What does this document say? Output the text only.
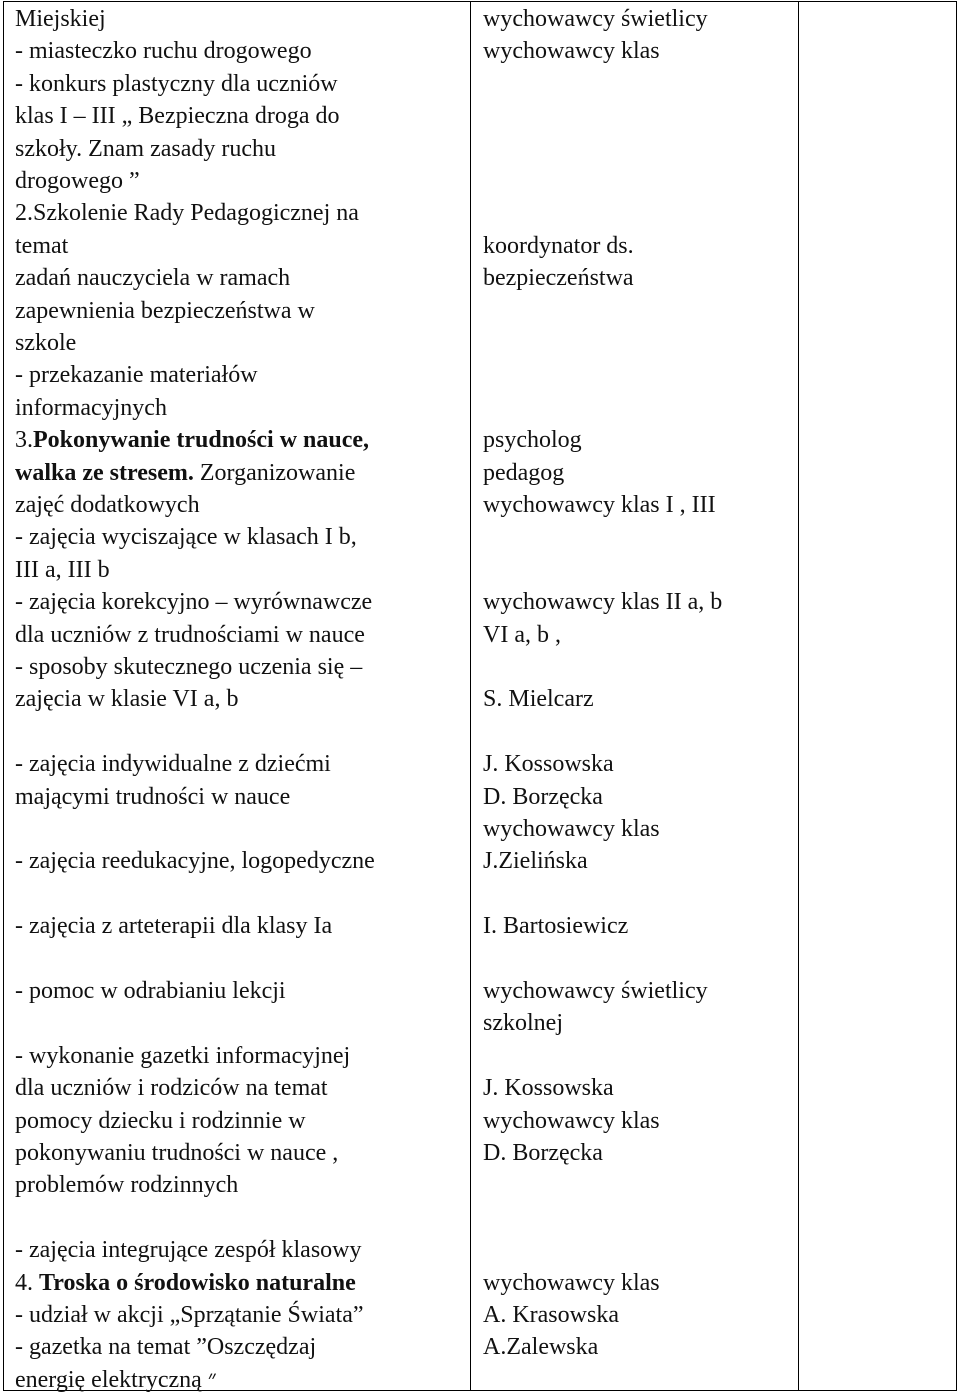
Miejskiej
- miasteczko ruchu drogowego
- konkurs plastyczny dla uczniów
klas I – III „ Bezpieczna droga do
szkoły. Znam zasady ruchu
drogowego ”
2.Szkolenie Rady Pedagogicznej na
temat
zadań nauczyciela w ramach
zapewnienia bezpieczeństwa w
szkole
- przekazanie materiałów
informacyjnych
3.Pokonywanie trudności w nauce,
walka ze stresem. Zorganizowanie
zajęć dodatkowych
- zajęcia wyciszające w klasach I b,
III a, III b
- zajęcia korekcyjno – wyrównawcze
dla uczniów z trudnościami w nauce
- sposoby skutecznego uczenia się –
zajęcia w klasie VI a, b
- zajęcia indywidualne z dziećmi
mającymi trudności w nauce
- zajęcia reedukacyjne, logopedyczne
- zajęcia z arteterapii dla klasy Ia
- pomoc w odrabianiu lekcji
- wykonanie gazetki informacyjnej
dla uczniów i rodziców na temat
pomocy dziecku i rodzinnie w
pokonywaniu trudności w nauce ,
problemów rodzinnych
- zajęcia integrujące zespół klasowy
4. Troska o środowisko naturalne
- udział w akcji „Sprzątanie Świata”
- gazetka na temat ”Oszczędzaj
energię elektryczną ״
wychowawcy świetlicy
wychowawcy klas
koordynator ds.
bezpieczeństwa
psycholog
pedagog
wychowawcy klas I , III
wychowawcy klas II a, b
VI a, b ,
S. Mielcarz
J. Kossowska
D. Borzęcka
wychowawcy klas
J.Zielińska
I. Bartosiewicz
wychowawcy świetlicy
szkolnej
J. Kossowska
wychowawcy klas
D. Borzęcka
wychowawcy klas
A. Krasowska
A.Zalewska
